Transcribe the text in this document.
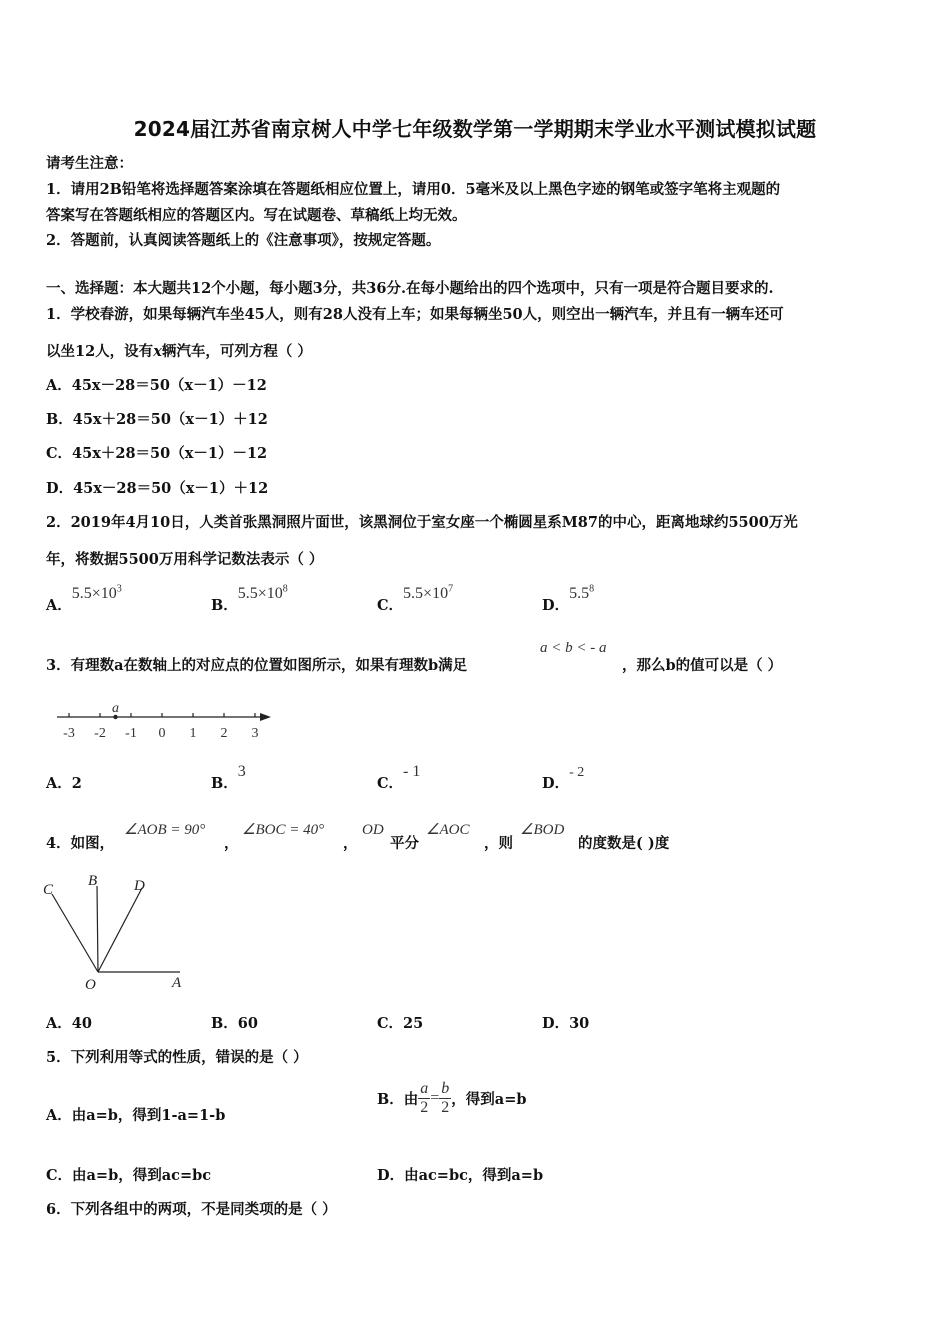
2024届江苏省南京树人中学七年级数学第一学期期末学业水平测试模拟试题
请考生注意：
1．请用2B铅笔将选择题答案涂填在答题纸相应位置上，请用0．5毫米及以上黑色字迹的钢笔或签字笔将主观题的
答案写在答题纸相应的答题区内。写在试题卷、草稿纸上均无效。
2．答题前，认真阅读答题纸上的《注意事项》，按规定答题。
一、选择题：本大题共12个小题，每小题3分，共36分.在每小题给出的四个选项中，只有一项是符合题目要求的.
1．学校春游，如果每辆汽车坐45人，则有28人没有上车；如果每辆坐50人，则空出一辆汽车，并且有一辆车还可
以坐12人，设有x辆汽车，可列方程（ ）
A．45x－28＝50（x－1）－12
B．45x＋28＝50（x－1）＋12
C．45x＋28＝50（x－1）－12
D．45x－28＝50（x－1）＋12
2．2019年4月10日，人类首张黑洞照片面世，该黑洞位于室女座一个椭圆星系M87的中心，距离地球约5500万光
年，将数据5500万用科学记数法表示（ ）
A．$5.5\times 10^3$
B．$5.5\times 10^8$
C．$5.5\times 10^7$
D．$5.5^8$
3．有理数a在数轴上的对应点的位置如图所示，如果有理数b满足
a < b < - a
，那么b的值可以是（ ）
-3 -2 -1 0 1 2 3
a
A．2	B．3
C．- 1
D．- 2
4．如图，
∠AOB = 90°
，
∠BOC = 40°
，
OD
平分
∠AOC
，则
∠BOD
的度数是( )度
C
B D
O	A
A．40	B．60	C．25	D．30
5．下列利用等式的性质，错误的是（ ）
A．由a=b，得到1-a=1-b
B．由 $\frac{a}{2} = \frac{b}{2}$ ，得到a=b
C．由a=b，得到ac=bc	D．由ac=bc，得到a=b
6．下列各组中的两项，不是同类项的是（ ）
